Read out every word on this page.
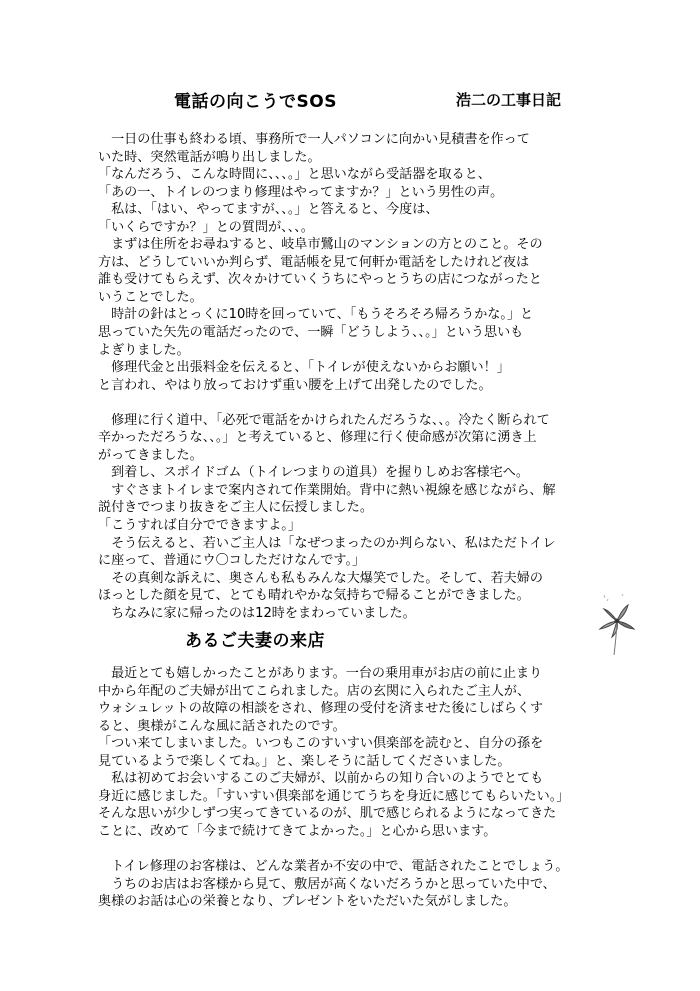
電話の向こうでSOS	浩二の工事日記

　一日の仕事も終わる頃、事務所で一人パソコンに向かい見積書を作って

いた時、突然電話が鳴り出しました。

「なんだろう、こんな時間に、、、。」と思いながら受話器を取ると、

「あの一、トイレのつまり修理はやってますか？」という男性の声。

　私は、「はい、やってますが、、。」と答えると、今度は、

「いくらですか？」との質問が、、、。

　まずは住所をお尋ねすると、岐阜市鷺山のマンションの方とのこと。その

方は、どうしていいか判らず、電話帳を見て何軒か電話をしたけれど夜は

誰も受けてもらえず、次々かけていくうちにやっとうちの店につながったと

いうことでした。

　時計の針はとっくに10時を回っていて、「もうそろそろ帰ろうかな。」と

思っていた矢先の電話だったので、一瞬「どうしよう、、。」という思いも

よぎりました。

　修理代金と出張料金を伝えると、「トイレが使えないからお願い！」

と言われ、やはり放っておけず重い腰を上げて出発したのでした。

　修理に行く道中、「必死で電話をかけられたんだろうな、、。冷たく断られて

辛かっただろうな、、。」と考えていると、修理に行く使命感が次第に湧き上

がってきました。

　到着し、スポイドゴム（トイレつまりの道具）を握りしめお客様宅へ。

　すぐさまトイレまで案内されて作業開始。背中に熱い視線を感じながら、解

説付きでつまり抜きをご主人に伝授しました。

「こうすれば自分でできますよ。」

　そう伝えると、若いご主人は「なぜつまったのか判らない、私はただトイレ

に座って、普通にウ〇コしただけなんです。」

　その真剣な訴えに、奥さんも私もみんな大爆笑でした。そして、若夫婦の

ほっとした顔を見て、とても晴れやかな気持ちで帰ることができました。

　ちなみに家に帰ったのは12時をまわっていました。

あるご夫妻の来店

　最近とても嬉しかったことがあります。一台の乗用車がお店の前に止まり

中から年配のご夫婦が出てこられました。店の玄関に入られたご主人が、

ウォシュレットの故障の相談をされ、修理の受付を済ませた後にしばらくす

ると、奥様がこんな風に話されたのです。

「つい来てしまいました。いつもこのすいすい倶楽部を読むと、自分の孫を

見ているようで楽しくてね。」と、楽しそうに話してくださいました。

　私は初めてお会いするこのご夫婦が、以前からの知り合いのようでとても

身近に感じました。「すいすい倶楽部を通じてうちを身近に感じてもらいたい。」

そんな思いが少しずつ実ってきているのが、肌で感じられるようになってきた

ことに、改めて「今まで続けてきてよかった。」と心から思います。

　トイレ修理のお客様は、どんな業者か不安の中で、電話されたことでしょう。

　うちのお店はお客様から見て、敷居が高くないだろうかと思っていた中で、

奥様のお話は心の栄養となり、プレゼントをいただいた気がしました。
